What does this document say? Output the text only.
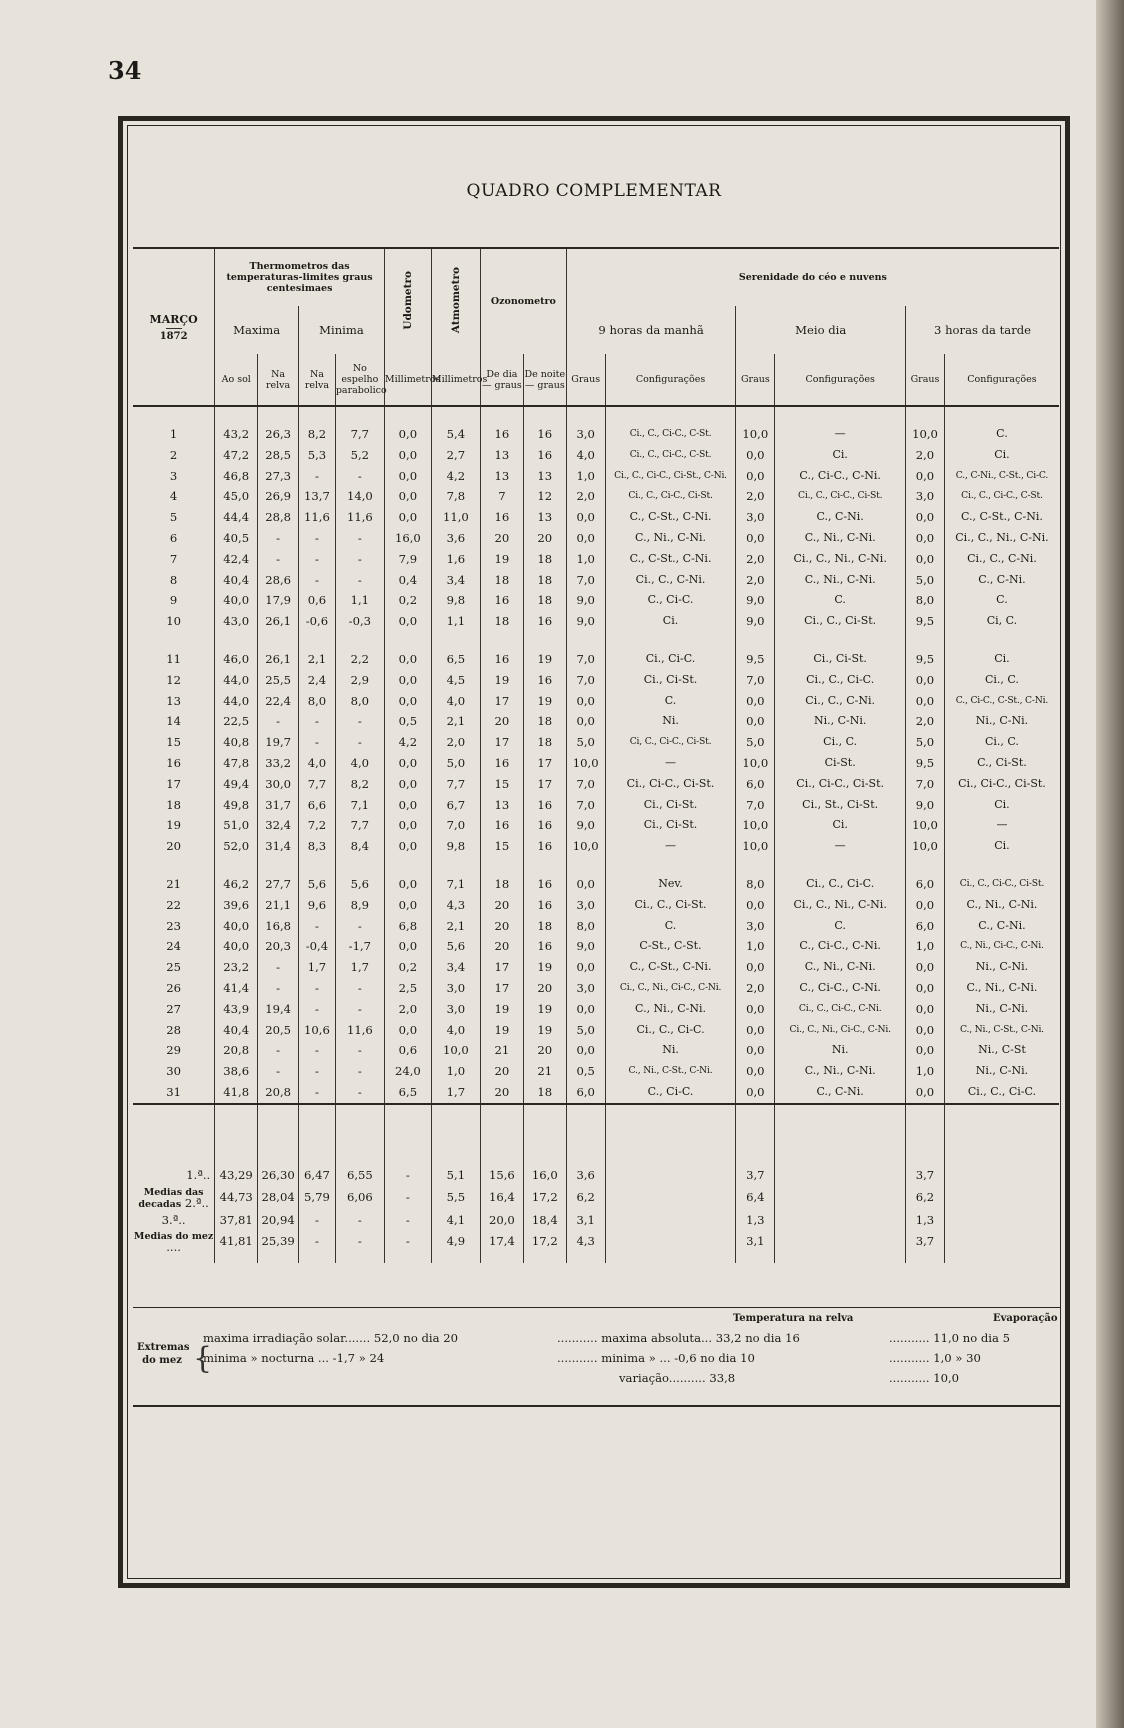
34
QUADRO COMPLEMENTAR
MARÇO
1872	Thermometros das temperaturas-limites graus centesimaes				Udometro	Atmometro	Ozonometro		Serenidade do céo e nuvens					
	Maxima		Minima						9 horas da manhã		Meio dia		3 horas da tarde	
	Ao sol	Na relva	Na relva	No espelho parabolico	Millimetros	Millimetros	De dia — graus	De noite — graus	Graus	Configurações	Graus	Configurações	Graus	Configurações

1	43,2	26,3	8,2	7,7	0,0	5,4	16	16	3,0	Ci., C., Ci-C., C-St.	10,0	—	10,0	C.
2	47,2	28,5	5,3	5,2	0,0	2,7	13	16	4,0	Ci., C., Ci-C., C-St.	0,0	Ci.	2,0	Ci.
3	46,8	27,3	-	-	0,0	4,2	13	13	1,0	Ci., C., Ci-C., Ci-St., C-Ni.	0,0	C., Ci-C., C-Ni.	0,0	C., C-Ni., C-St., Ci-C.
4	45,0	26,9	13,7	14,0	0,0	7,8	7	12	2,0	Ci., C., Ci-C., Ci-St.	2,0	Ci., C., Ci-C., Ci-St.	3,0	Ci., C., Ci-C., C-St.
5	44,4	28,8	11,6	11,6	0,0	11,0	16	13	0,0	C., C-St., C-Ni.	3,0	C., C-Ni.	0,0	C., C-St., C-Ni.
6	40,5	-	-	-	16,0	3,6	20	20	0,0	C., Ni., C-Ni.	0,0	C., Ni., C-Ni.	0,0	Ci., C., Ni., C-Ni.
7	42,4	-	-	-	7,9	1,6	19	18	1,0	C., C-St., C-Ni.	2,0	Ci., C., Ni., C-Ni.	0,0	Ci., C., C-Ni.
8	40,4	28,6	-	-	0,4	3,4	18	18	7,0	Ci., C., C-Ni.	2,0	C., Ni., C-Ni.	5,0	C., C-Ni.
9	40,0	17,9	0,6	1,1	0,2	9,8	16	18	9,0	C., Ci-C.	9,0	C.	8,0	C.
10	43,0	26,1	-0,6	-0,3	0,0	1,1	18	16	9,0	Ci.	9,0	Ci., C., Ci-St.	9,5	Ci, C.

11	46,0	26,1	2,1	2,2	0,0	6,5	16	19	7,0	Ci., Ci-C.	9,5	Ci., Ci-St.	9,5	Ci.
12	44,0	25,5	2,4	2,9	0,0	4,5	19	16	7,0	Ci., Ci-St.	7,0	Ci., C., Ci-C.	0,0	Ci., C.
13	44,0	22,4	8,0	8,0	0,0	4,0	17	19	0,0	C.	0,0	Ci., C., C-Ni.	0,0	C., Ci-C., C-St., C-Ni.
14	22,5	-	-	-	0,5	2,1	20	18	0,0	Ni.	0,0	Ni., C-Ni.	2,0	Ni., C-Ni.
15	40,8	19,7	-	-	4,2	2,0	17	18	5,0	Ci, C., Ci-C., Ci-St.	5,0	Ci., C.	5,0	Ci., C.
16	47,8	33,2	4,0	4,0	0,0	5,0	16	17	10,0	—	10,0	Ci-St.	9,5	C., Ci-St.
17	49,4	30,0	7,7	8,2	0,0	7,7	15	17	7,0	Ci., Ci-C., Ci-St.	6,0	Ci., Ci-C., Ci-St.	7,0	Ci., Ci-C., Ci-St.
18	49,8	31,7	6,6	7,1	0,0	6,7	13	16	7,0	Ci., Ci-St.	7,0	Ci., St., Ci-St.	9,0	Ci.
19	51,0	32,4	7,2	7,7	0,0	7,0	16	16	9,0	Ci., Ci-St.	10,0	Ci.	10,0	—
20	52,0	31,4	8,3	8,4	0,0	9,8	15	16	10,0	—	10,0	—	10,0	Ci.

21	46,2	27,7	5,6	5,6	0,0	7,1	18	16	0,0	Nev.	8,0	Ci., C., Ci-C.	6,0	Ci., C., Ci-C., Ci-St.
22	39,6	21,1	9,6	8,9	0,0	4,3	20	16	3,0	Ci., C., Ci-St.	0,0	Ci., C., Ni., C-Ni.	0,0	C., Ni., C-Ni.
23	40,0	16,8	-	-	6,8	2,1	20	18	8,0	C.	3,0	C.	6,0	C., C-Ni.
24	40,0	20,3	-0,4	-1,7	0,0	5,6	20	16	9,0	C-St., C-St.	1,0	C., Ci-C., C-Ni.	1,0	C., Ni., Ci-C., C-Ni.
25	23,2	-	1,7	1,7	0,2	3,4	17	19	0,0	C., C-St., C-Ni.	0,0	C., Ni., C-Ni.	0,0	Ni., C-Ni.
26	41,4	-	-	-	2,5	3,0	17	20	3,0	Ci., C., Ni., Ci-C., C-Ni.	2,0	C., Ci-C., C-Ni.	0,0	C., Ni., C-Ni.
27	43,9	19,4	-	-	2,0	3,0	19	19	0,0	C., Ni., C-Ni.	0,0	Ci., C., Ci-C., C-Ni.	0,0	Ni., C-Ni.
28	40,4	20,5	10,6	11,6	0,0	4,0	19	19	5,0	Ci., C., Ci-C.	0,0	Ci., C., Ni., Ci-C., C-Ni.	0,0	C., Ni., C-St., C-Ni.
29	20,8	-	-	-	0,6	10,0	21	20	0,0	Ni.	0,0	Ni.	0,0	Ni., C-St
30	38,6	-	-	-	24,0	1,0	20	21	0,5	C., Ni., C-St., C-Ni.	0,0	C., Ni., C-Ni.	1,0	Ni., C-Ni.
31	41,8	20,8	-	-	6,5	1,7	20	18	6,0	C., Ci-C.	0,0	C., C-Ni.	0,0	Ci., C., Ci-C.

1.ª..	43,29	26,30	6,47	6,55	-	5,1	15,6	16,0	3,6		3,7		3,7	
Medias das decadas 2.ª..	44,73	28,04	5,79	6,06	-	5,5	16,4	17,2	6,2		6,4		6,2	
3.ª..	37,81	20,94	-	-	-	4,1	20,0	18,4	3,1		1,3		1,3	
Medias do mez ....	41,81	25,39	-	-	-	4,9	17,4	17,2	4,3		3,1		3,7	

Temperatura na relva	Evaporação
Extremas do mez {
maxima irradiação solar....... 52,0 no dia 20
minima » nocturna ... -1,7 » 24
........... maxima absoluta... 33,2 no dia 16
........... minima » ... -0,6 no dia 10
variação.......... 33,8
........... 11,0 no dia 5
........... 1,0 » 30
........... 10,0
